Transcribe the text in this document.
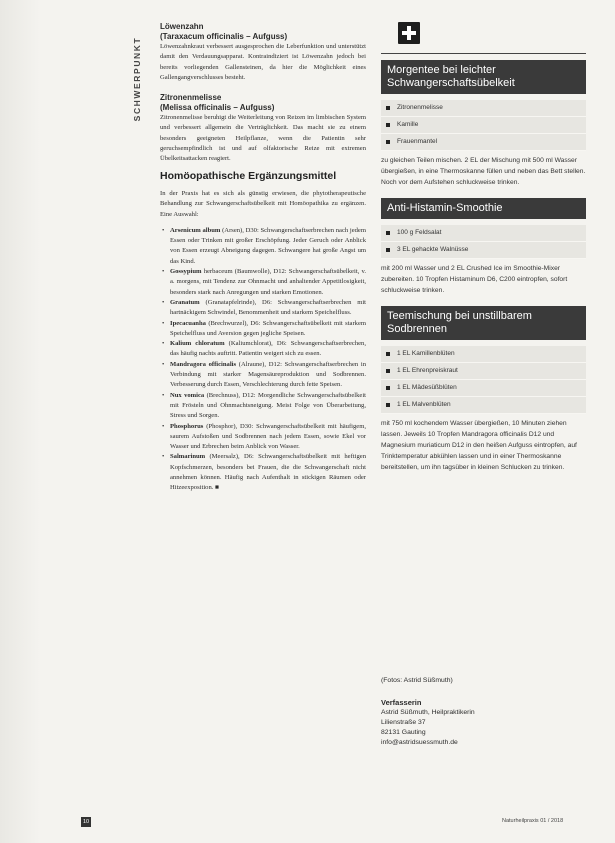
SCHWERPUNKT
Löwenzahn
(Taraxacum officinalis – Aufguss)

Löwenzahnkraut verbessert ausgesprochen die Leberfunktion und unterstützt damit den Verdauungsapparat. Kontraindiziert ist Löwenzahn jedoch bei bereits vorliegenden Gallensteinen, da hier die Möglichkeit eines Gallengangverschlusses besteht.

Zitronenmelisse
(Melissa officinalis – Aufguss)

Zitronenmelisse beruhigt die Weiterleitung von Reizen im limbischen System und verbessert allgemein die Verträglichkeit. Das macht sie zu einem besonders geeigneten Heilpflanze, wenn die Patientin sehr geruchsempfindlich ist und auf olfaktorische Reize mit extremen Übelkeitsattacken reagiert.

Homöopathische Ergänzungsmittel

In der Praxis hat es sich als günstig erwiesen, die phytotherapeutische Behandlung zur Schwangerschaftsübelkeit mit Homöopathika zu ergänzen. Eine Auswahl:

• Arsenicum album (Arsen), D30: Schwangerschaftserbrechen nach jedem Essen oder Trinken mit großer Erschöpfung. Jeder Geruch oder Anblick von Essen erzeugt Abneigung dagegen. Schwangere hat große Angst um das Kind.
• Gossypium herbaceum (Baumwolle), D12: Schwangerschaftsübelkeit, v. a. morgens, mit Tendenz zur Ohnmacht und anhaltender Appetitlosigkeit, besonders stark nach Anregungen und starken Emotionen.
• Granatum (Granatapfelrinde), D6: Schwangerschaftserbrechen mit hartnäckigem Schwindel, Benommenheit und starkem Speichelfluss.
• Ipecacuanha (Brechwurzel), D6: Schwangerschaftsübelkeit mit starkem Speichelfluss und Aversion gegen jegliche Speisen.
• Kalium chloratum (Kaliumchlorat), D6: Schwangerschaftserbrechen, das häufig nachts auftritt. Patientin weigert sich zu essen.
• Mandragora officinalis (Alraune), D12: Schwangerschaftserbrechen in Verbindung mit starker Magensäureproduktion und Sodbrennen. Verbesserung durch Essen, Verschlechterung durch fette Speisen.
• Nux vomica (Brechnuss), D12: Morgendliche Schwangerschaftsübelkeit mit Frösteln und Ohnmachtsneigung. Meist Folge von Überarbeitung, Stress und Sorgen.
• Phosphorus (Phosphor), D30: Schwangerschaftsübelkeit mit häufigem, saurem Aufstoßen und Sodbrennen nach jedem Essen, sowie Ekel vor Wasser und Erbrechen beim Anblick von Wasser.
• Salmarinum (Meersalz), D6: Schwangerschaftsübelkeit mit heftigen Kopfschmerzen, besonders bei Frauen, die die Schwangerschaft nicht annehmen können. Häufig nach Aufenthalt in stickigen Räumen oder Hitzeexposition. ■
Morgentee bei leichter Schwangerschaftsübelkeit
Zitronenmelisse
Kamille
Frauenmantel
zu gleichen Teilen mischen. 2 EL der Mischung mit 500 ml Wasser übergießen, in eine Thermoskanne füllen und neben das Bett stellen. Noch vor dem Aufstehen schluckweise trinken.
Anti-Histamin-Smoothie
100 g Feldsalat
3 EL gehackte Walnüsse
mit 200 ml Wasser und 2 EL Crushed Ice im Smoothie-Mixer zubereiten. 10 Tropfen Histaminum D6, C200 eintropfen, sofort schluckweise trinken.
Teemischung bei unstillbarem Sodbrennen
1 EL Kamillenblüten
1 EL Ehrenpreiskraut
1 EL Mädesüßblüten
1 EL Malvenblüten
mit 750 ml kochendem Wasser übergießen, 10 Minuten ziehen lassen. Jeweils 10 Tropfen Mandragora officinalis D12 und Magnesium muriaticum D12 in den heißen Aufguss eintropfen, auf Trinktemperatur abkühlen lassen und in einer Thermoskanne bereitstellen, um ihn tagsüber in kleinen Schlucken zu trinken.
(Fotos: Astrid Süßmuth)
Verfasserin
Astrid Süßmuth, Heilpraktikerin
Lilienstraße 37
82131 Gauting
info@astridsuessmuth.de
10	Naturheilpraxis 01 / 2018
